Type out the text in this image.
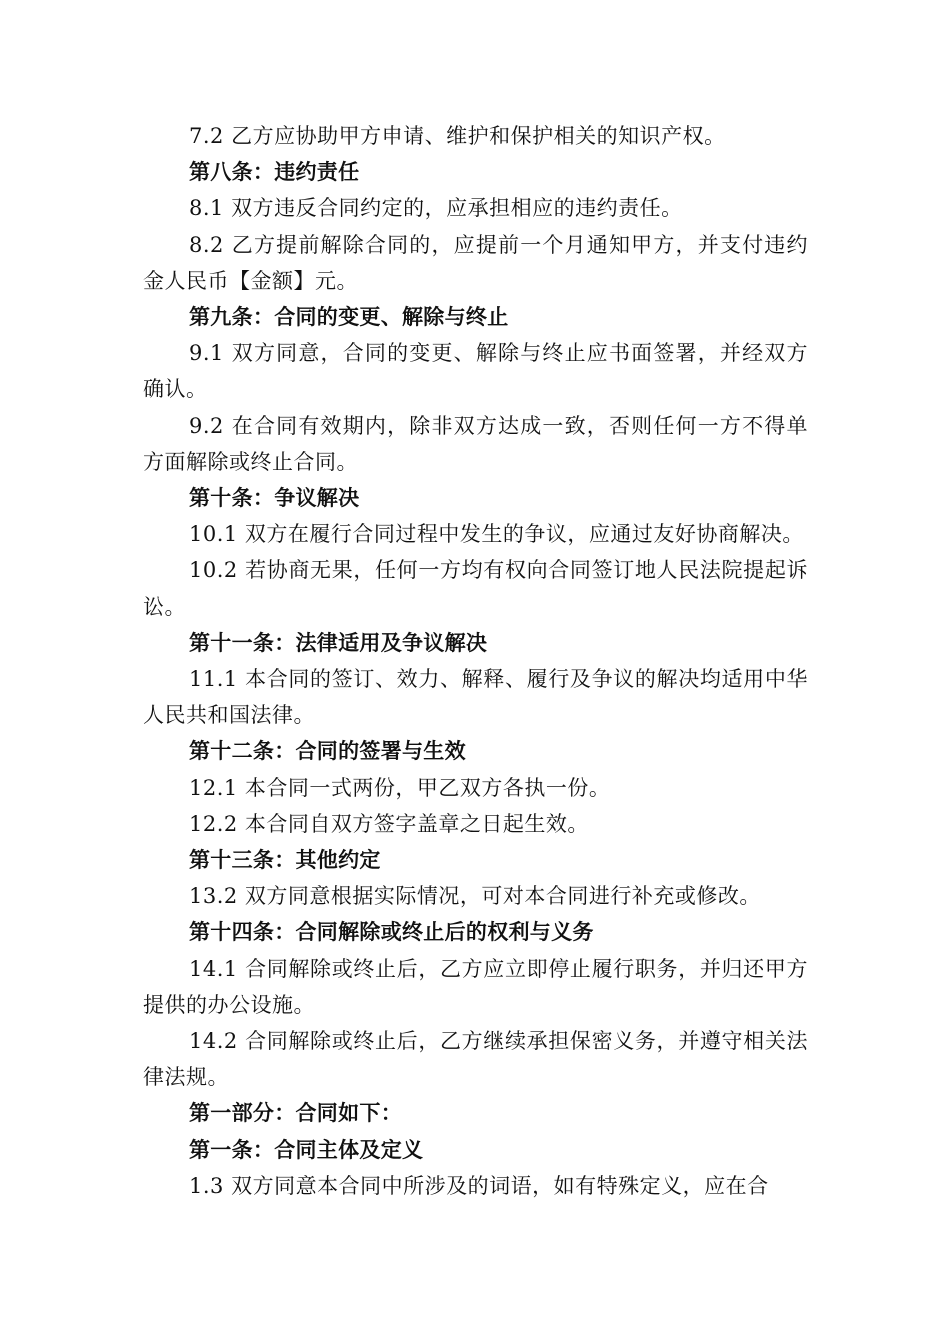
7.2 乙方应协助甲方申请、维护和保护相关的知识产权。

第八条：违约责任

8.1 双方违反合同约定的，应承担相应的违约责任。

8.2 乙方提前解除合同的，应提前一个月通知甲方，并支付违约金人民币【金额】元。

第九条：合同的变更、解除与终止

9.1 双方同意，合同的变更、解除与终止应书面签署，并经双方确认。

9.2 在合同有效期内，除非双方达成一致，否则任何一方不得单方面解除或终止合同。

第十条：争议解决

10.1 双方在履行合同过程中发生的争议，应通过友好协商解决。

10.2 若协商无果，任何一方均有权向合同签订地人民法院提起诉讼。

第十一条：法律适用及争议解决

11.1 本合同的签订、效力、解释、履行及争议的解决均适用中华人民共和国法律。

第十二条：合同的签署与生效

12.1 本合同一式两份，甲乙双方各执一份。

12.2 本合同自双方签字盖章之日起生效。

第十三条：其他约定

13.2 双方同意根据实际情况，可对本合同进行补充或修改。

第十四条：合同解除或终止后的权利与义务

14.1 合同解除或终止后，乙方应立即停止履行职务，并归还甲方提供的办公设施。

14.2 合同解除或终止后，乙方继续承担保密义务，并遵守相关法律法规。

第一部分：合同如下：

第一条：合同主体及定义

1.3 双方同意本合同中所涉及的词语，如有特殊定义，应在合
